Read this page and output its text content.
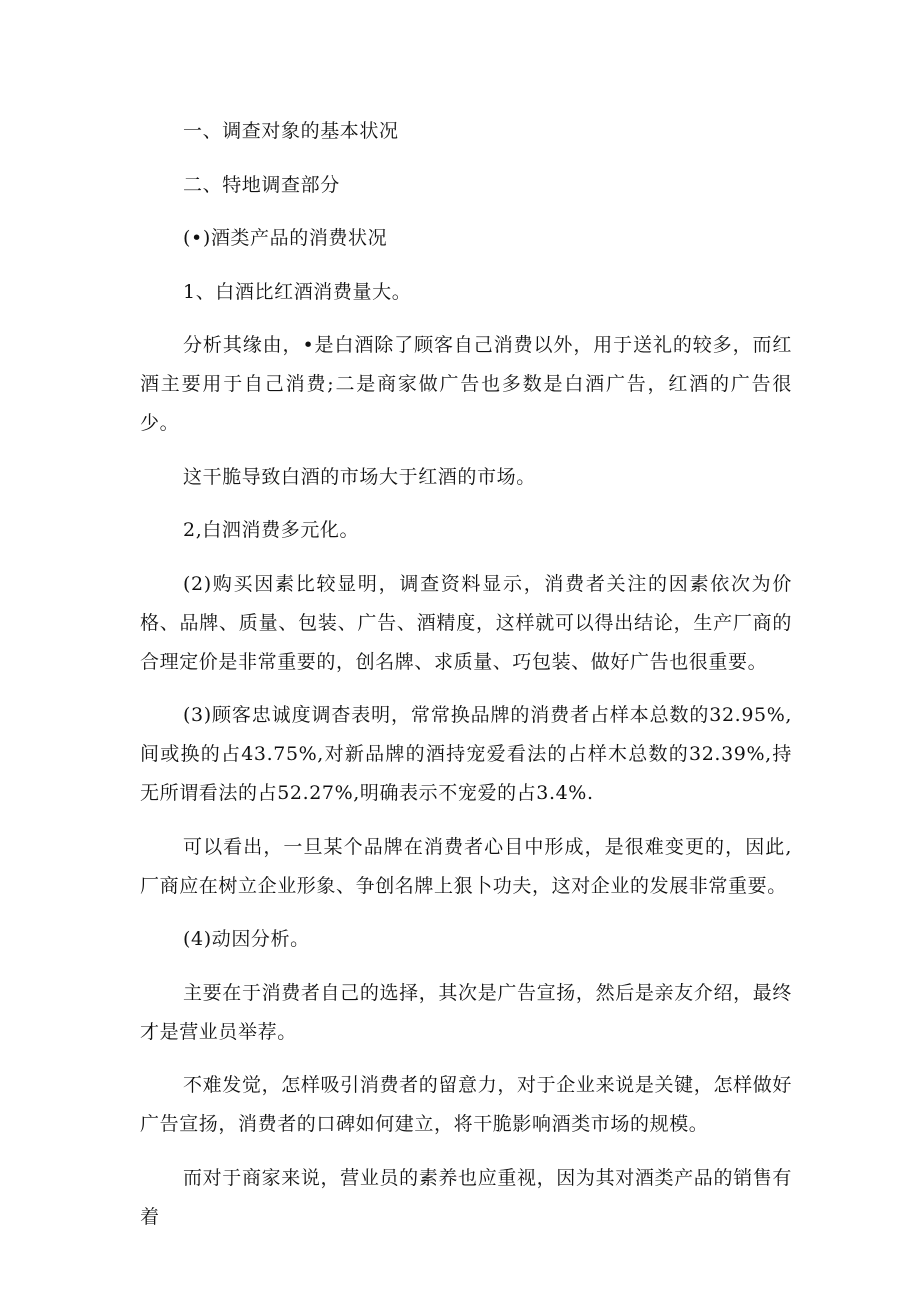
一、调查对象的基本状况

二、特地调查部分

(•)酒类产品的消费状况

1、白酒比红酒消费量大。

分析其缘由，•是白酒除了顾客自己消费以外，用于送礼的较多，而红酒主要用于自己消费;二是商家做广告也多数是白酒广告，红酒的广告很少。

这干脆导致白酒的市场大于红酒的市场。

2,白泗消费多元化。

(2)购买因素比较显明，调查资料显示，消费者关注的因素依次为价格、品牌、质量、包装、广告、酒精度，这样就可以得出结论，生产厂商的合理定价是非常重要的，创名牌、求质量、巧包装、做好广告也很重要。

(3)顾客忠诚度调杳表明，常常换品牌的消费者占样本总数的32.95%,间或换的占43.75%,对新品牌的酒持宠爱看法的占样木总数的32.39%,持无所谓看法的占52.27%,明确表示不宠爱的占3.4%.

可以看出，一旦某个品牌在消费者心目中形成，是很难变更的，因此,厂商应在树立企业形象、争创名牌上狠卜功夫，这对企业的发展非常重要。

(4)动因分析。

主要在于消费者自己的选择，其次是广告宣扬，然后是亲友介绍，最终才是营业员举荐。

不难发觉，怎样吸引消费者的留意力，对于企业来说是关键，怎样做好广告宣扬，消费者的口碑如何建立，将干脆影响酒类市场的规模。

而对于商家来说，营业员的素养也应重视，因为其对酒类产品的销售有着
